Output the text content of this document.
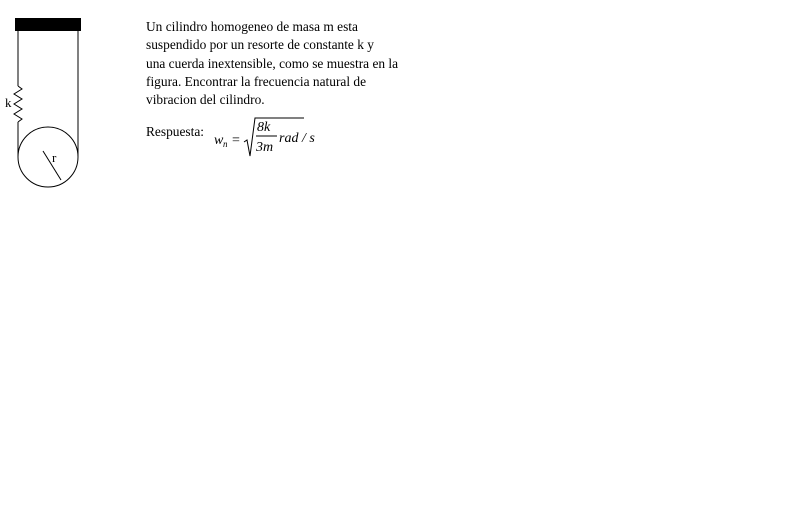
k
r
Un cilindro homogeneo de masa m esta
suspendido por un resorte de constante k y
una cuerda inextensible, como se muestra en la
figura. Encontrar la frecuencia natural de
vibracion del cilindro.
Respuesta:
w n =
8k
3m
rad / s
